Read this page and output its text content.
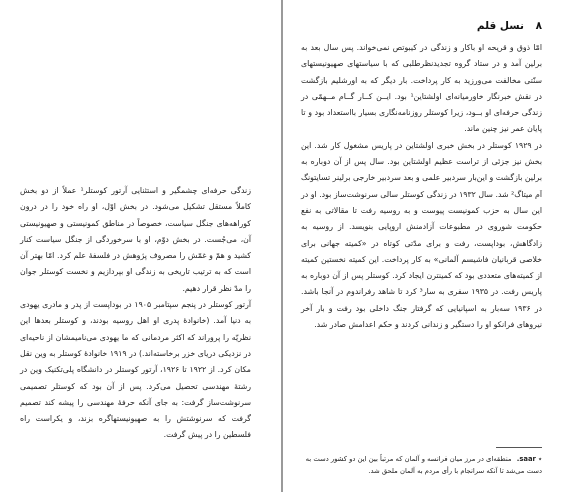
۸ نسل قلم

امّا ذوق و قریحه او باکار و زندگی در کیبوتص نمی‌خواند. پس سال بعد به برلین آمد و در ستاد گروه تجدیدنظرطلبی که با سیاستهای صهیونیستهای سنّتی مخالفت می‌ورزید به کار پرداخت. بار دیگر که به اورشلیم بازگشت در نقش خبرنگار خاورمیانه‌ای اولشتاین¹ بود. ایــن کــار گــام مــهمّی در زندگی حرفه‌ای او بــود، زیرا کوستلر روزنامه‌نگاری بسیار بااستعداد بود و تا پایان عمر نیز چنین ماند.

در ۱۹۲۹ کوستلر در بخش خبری اولشتاین در پاریس مشغول کار شد. این بخش نیز جزئی از تراست عظیم اولشتاین بود. سال پس از آن دوباره به برلین بازگشت و این‌بار سردبیر علمی و بعد سردبیر خارجی برلینر تسایتونگ اَم میتاگ² شد. سال ۱۹۳۲ در زندگی کوستلر سالی سرنوشت‌ساز بود. او در این سال به حزب کمونیست پیوست و به روسیه رفت تا مقالاتی به نفع حکومت شوروی در مطبوعات آزادمنش اروپایی بنویسد. از روسیه به زادگاهش، بوداپست، رفت و برای مدّتی کوتاه در «کمیته جهانی برای خلاصی قربانیان فاشیسم آلمانی» به کار پرداخت. این کمیته نخستین کمیته از کمیته‌های متعددی بود که کمینترن ایجاد کرد. کوستلر پس از آن دوباره به پاریس رفت. در ۱۹۳۵ سفری به سار³ کرد تا شاهد رفراندوم در آنجا باشد. در ۱۹۳۶ سه‌بار به اسپانیایی که گرفتار جنگ داخلی بود رفت و بار آخر نیروهای فرانکو او را دستگیر و زندانی کردند و حکم اعدامش صادر شد.

٭ saar. منطقه‌ای در مرز میان فرانسه و آلمان که مرتباً بین این دو کشور دست به دست می‌شد تا آنکه سرانجام با رأی مردم به آلمان ملحق شد.

زندگی حرفه‌ای چشمگیر و استثنایی آرتور کوستلر¹ عملاً از دو بخش کاملاً مستقل تشکیل می‌شود. در بخش اوّل، او راه خود را در درون کوراهه‌های جنگل سیاست، خصوصاً در مناطق کمونیستی و صهیونیستی آن، می‌جُست. در بخش دوّم، او با سرخوردگی از جنگل سیاست کنار کشید و همّ و غمّش را مصروف پژوهش در فلسفهٔ علم کرد. امّا بهتر آن است که به ترتیب تاریخی به زندگی او بپردازیم و نخست کوستلر جوان را مدّ نظر قرار دهیم.

آرتور کوستلر در پنجم سپتامبر ۱۹۰۵ در بوداپست از پدر و مادری یهودی به دنیا آمد. (خانوادهٔ پدری او اهل روسیه بودند، و کوستلر بعدها این نظریّه را پروراند که اکثر مردمانی که ما یهودی می‌نامیمشان از ناحیه‌ای در نزدیکی دریای خزر برخاسته‌اند.) در ۱۹۱۹ خانوادهٔ کوستلر به وین نقل مکان کرد. از ۱۹۲۲ تا ۱۹۲۶، آرتور کوستلر در دانشگاه پلی‌تکنیک وین در رشتهٔ مهندسی تحصیل می‌کرد. پس از آن بود که کوستلر تصمیمی سرنوشت‌ساز گرفت: به جای آنکه حرفهٔ مهندسی را پیشه کند تصمیم گرفت که سرنوشتش را به صهیونیستهاگره بزند، و یکراست راه فلسطین را در پیش گرفت.
